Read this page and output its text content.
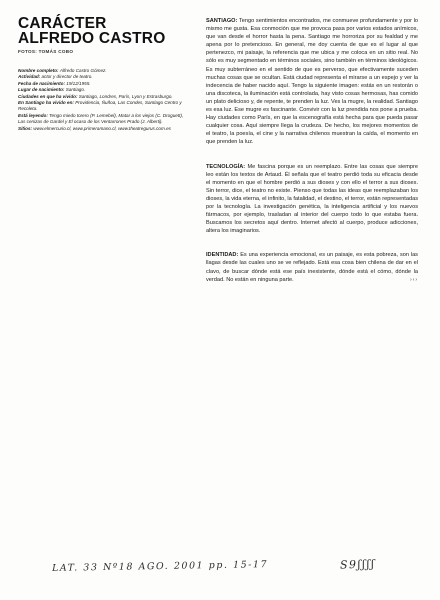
CARÁCTER
ALFREDO CASTRO
FOTOS: TOMÁS COBO

Nombre completo: Alfredo Castro Gómez.

Actividad: actor y director de teatro.

Fecha de nacimiento: 19/12/1955.

Lugar de nacimiento: Santiago.

Ciudades en que ha vivido: Santiago, Londres, París, Lyon y Estrasburgo.

En Santiago ha vivido en: Providencia, Ñuñoa, Las Condes, Santiago Centro y Recoleta.

Está leyendo: Tengo miedo torero (P. Lemebel), Matar a los viejos (C. Droguett), Las cenizas de Gardel y El ocaso de los Ventarrones Prado (J. Alberti).

Sitios: www.elmercurio.cl, www.primeramano.cl, www.theatregurus.com.es

SANTIAGO: Tengo sentimientos encontrados, me conmueve profundamente y por lo mismo me gusta. Esa conmoción que me provoca pasa por varios estados anímicos, que van desde el horror hasta la pena. Santiago me horroriza por su fealdad y me apena por lo pretencioso. En general, me doy cuenta de que es el lugar al que pertenezco, mi paisaje, la referencia que me ubica y me coloca en un sitio real. No sólo es muy segmentado en términos sociales, sino también en términos ideológicos. Es muy subterráneo en el sentido de que es perverso, que efectivamente suceden muchas cosas que se ocultan. Está ciudad representa el mirarse a un espejo y ver la indecencia de haber nacido aquí. Tengo la siguiente imagen: estás en un restorán o una discoteca, la iluminación está controlada, hay visto cosas hermosas, has comido un plato delicioso y, de repente, te prenden la luz. Ves la mugre, la realidad. Santiago es esa luz. Ese mugre es fascinante. Convivir con la luz prendida nos pone a prueba. Hay ciudades como París, en que la escenografía está hecha para que pueda pasar cualquier cosa. Aquí siempre llega la crudeza. De hecho, los mejores momentos de el teatro, la poesía, el cine y la narrativa chilenos muestran la caída, el momento en que prenden la luz.

TECNOLOGÍA: Me fascina porque es un reemplazo. Entre las cosas que siempre leo están los textos de Artaud. Él señala que el teatro perdió toda su eficacia desde el momento en que el hombre perdió a sus dioses y con ello el terror a sus dioses. Sin terror, dice, el teatro no existe. Pienso que todas las ideas que reemplazaban los dioses, la vida eterna, el infinito, la fatalidad, el destino, el terror, están representadas por la tecnología. La investigación genética, la inteligencia artificial y los nuevos fármacos, por ejemplo, trasladan al interior del cuerpo todo lo que estaba fuera. Buscamos los secretos aquí dentro. Internet afectó al cuerpo, produce adicciones, altera los imaginarios.

IDENTIDAD: Es una experiencia emocional, es un paisaje, es esta pobreza, son las llagas desde las cuales uno se ve reflejado. Está esa cosa bien chilena de dar en el clavo, de buscar dónde está ese país inexistente, dónde está el cómo, dónde la verdad. No están en ninguna parte.	›››

LAT. 33 Nº18 AGO. 2001 pp. 15-17	S9ʃʃʃʃ
